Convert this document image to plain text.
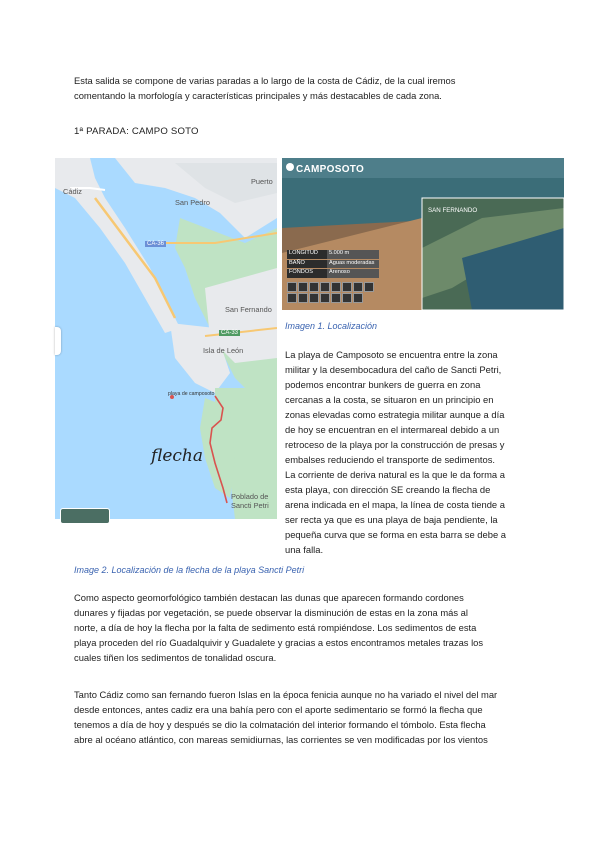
Esta salida se compone de varias paradas a lo largo de la costa de Cádiz, de la cual iremos

comentando la morfología y características principales y más destacables de cada zona.

1ª PARADA: CAMPO SOTO
Cádiz
Puerto
San Pedro
CA-36
San Fernando
CA-33
Isla de León
playa de camposoto
Poblado de
Sancti Petri
flecha
CAMPOSOTO
SAN FERNANDO
LONGITUD	5.000 m
BAÑO	Aguas moderadas
FONDOS	Arenoso
Imagen 1. Localización

La playa de Camposoto se encuentra entre la zona

militar y la desembocadura del caño de Sancti Petri,

podemos encontrar bunkers de guerra en zona

cercanas a la costa, se situaron en un principio en

zonas elevadas como estrategia militar aunque a día

de hoy se encuentran en el intermareal debido a un

retroceso de la playa por la construcción de presas y

embalses reduciendo el transporte de sedimentos.

La corriente de deriva natural es la que le da forma a

esta playa, con dirección SE creando la flecha de

arena indicada en el mapa, la línea de costa tiende a

ser recta ya que es una playa de baja pendiente, la

pequeña curva que se forma en esta barra se debe a

una falla.

Image 2. Localización de la flecha de la playa Sancti Petri

Como aspecto geomorfológico también destacan las dunas que aparecen formando cordones

dunares y fijadas por vegetación, se puede observar la disminución de estas en la zona más al

norte, a día de hoy la flecha por la falta de sedimento está rompiéndose. Los sedimentos de esta

playa proceden del río Guadalquivir y Guadalete y gracias a estos encontramos metales trazas los

cuales tiñen los sedimentos de tonalidad oscura.

Tanto Cádiz como san fernando fueron Islas en la época fenicia aunque no ha variado el nivel del mar

desde entonces, antes cadiz era una bahía pero con el aporte sedimentario se formó la flecha que

tenemos a día de hoy y después se dio la colmatación del interior formando el tómbolo. Esta flecha

abre al océano atlántico, con mareas semidiurnas, las corrientes se ven modificadas por los vientos
